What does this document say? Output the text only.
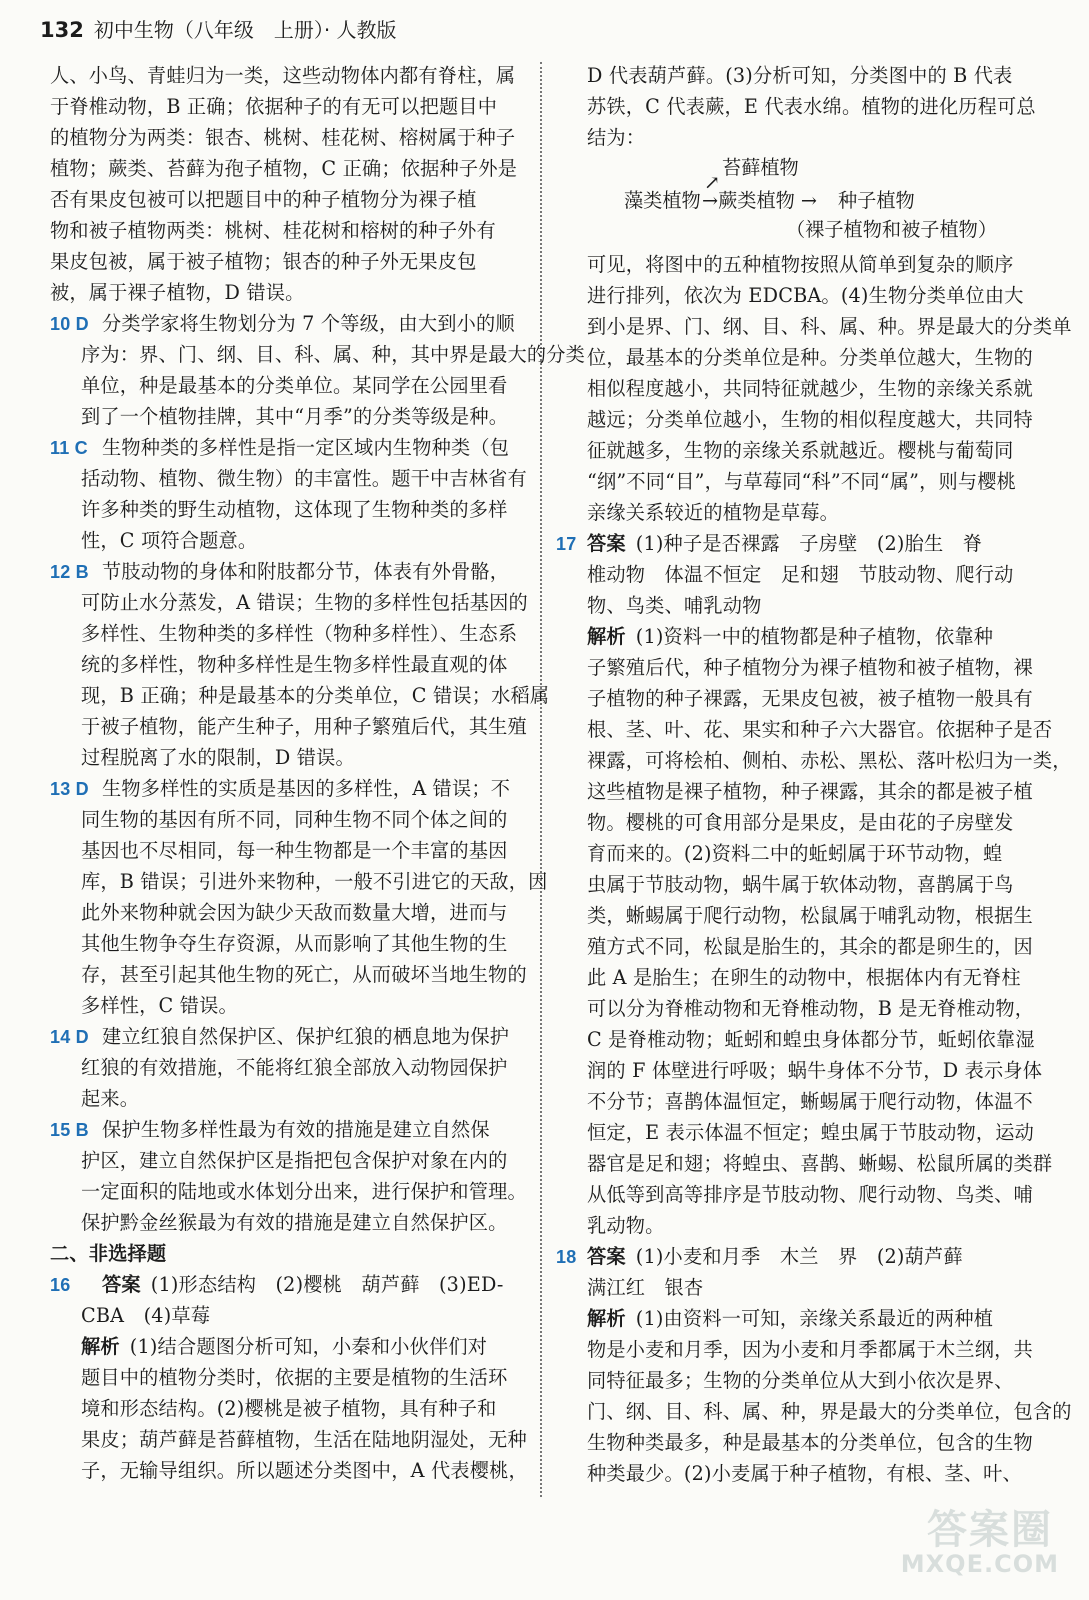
132 初中生物（八年级　上册）· 人教版
人、小鸟、青蛙归为一类，这些动物体内都有脊柱，属
于脊椎动物，B 正确；依据种子的有无可以把题目中
的植物分为两类：银杏、桃树、桂花树、榕树属于种子
植物；蕨类、苔藓为孢子植物，C 正确；依据种子外是
否有果皮包被可以把题目中的种子植物分为裸子植
物和被子植物两类：桃树、桂花树和榕树的种子外有
果皮包被，属于被子植物；银杏的种子外无果皮包
被，属于裸子植物，D 错误。
10 D 分类学家将生物划分为 7 个等级，由大到小的顺
序为：界、门、纲、目、科、属、种，其中界是最大的分类
单位，种是最基本的分类单位。某同学在公园里看
到了一个植物挂牌，其中“月季”的分类等级是种。
11 C 生物种类的多样性是指一定区域内生物种类（包
括动物、植物、微生物）的丰富性。题干中吉林省有
许多种类的野生动植物，这体现了生物种类的多样
性，C 项符合题意。
12 B 节肢动物的身体和附肢都分节，体表有外骨骼，
可防止水分蒸发，A 错误；生物的多样性包括基因的
多样性、生物种类的多样性（物种多样性）、生态系
统的多样性，物种多样性是生物多样性最直观的体
现，B 正确；种是最基本的分类单位，C 错误；水稻属
于被子植物，能产生种子，用种子繁殖后代，其生殖
过程脱离了水的限制，D 错误。
13 D 生物多样性的实质是基因的多样性，A 错误；不
同生物的基因有所不同，同种生物不同个体之间的
基因也不尽相同，每一种生物都是一个丰富的基因
库，B 错误；引进外来物种，一般不引进它的天敌，因
此外来物种就会因为缺少天敌而数量大增，进而与
其他生物争夺生存资源，从而影响了其他生物的生
存，甚至引起其他生物的死亡，从而破坏当地生物的
多样性，C 错误。
14 D 建立红狼自然保护区、保护红狼的栖息地为保护
红狼的有效措施，不能将红狼全部放入动物园保护
起来。
15 B 保护生物多样性最为有效的措施是建立自然保
护区，建立自然保护区是指把包含保护对象在内的
一定面积的陆地或水体划分出来，进行保护和管理。
保护黔金丝猴最为有效的措施是建立自然保护区。
二、非选择题
16 答案 (1)形态结构　(2)樱桃　葫芦藓　(3)ED-
CBA　(4)草莓
解析 (1)结合题图分析可知，小秦和小伙伴们对
题目中的植物分类时，依据的主要是植物的生活环
境和形态结构。(2)樱桃是被子植物，具有种子和
果皮；葫芦藓是苔藓植物，生活在陆地阴湿处，无种
子，无输导组织。所以题述分类图中，A 代表樱桃，
D 代表葫芦藓。(3)分析可知，分类图中的 B 代表
苏铁，C 代表蕨，E 代表水绵。植物的进化历程可总
结为：
苔藓植物
↗
藻类植物 →蕨类植物 → 种子植物
（裸子植物和被子植物）
可见，将图中的五种植物按照从简单到复杂的顺序
进行排列，依次为 EDCBA。(4)生物分类单位由大
到小是界、门、纲、目、科、属、种。界是最大的分类单
位，最基本的分类单位是种。分类单位越大，生物的
相似程度越小，共同特征就越少，生物的亲缘关系就
越远；分类单位越小，生物的相似程度越大，共同特
征就越多，生物的亲缘关系就越近。樱桃与葡萄同
“纲”不同“目”，与草莓同“科”不同“属”，则与樱桃
亲缘关系较近的植物是草莓。
17 答案 (1)种子是否裸露　子房壁　(2)胎生　脊
椎动物　体温不恒定　足和翅　节肢动物、爬行动
物、鸟类、哺乳动物
解析 (1)资料一中的植物都是种子植物，依靠种
子繁殖后代，种子植物分为裸子植物和被子植物，裸
子植物的种子裸露，无果皮包被，被子植物一般具有
根、茎、叶、花、果实和种子六大器官。依据种子是否
裸露，可将桧柏、侧柏、赤松、黑松、落叶松归为一类，
这些植物是裸子植物，种子裸露，其余的都是被子植
物。樱桃的可食用部分是果皮，是由花的子房壁发
育而来的。(2)资料二中的蚯蚓属于环节动物，蝗
虫属于节肢动物，蜗牛属于软体动物，喜鹊属于鸟
类，蜥蜴属于爬行动物，松鼠属于哺乳动物，根据生
殖方式不同，松鼠是胎生的，其余的都是卵生的，因
此 A 是胎生；在卵生的动物中，根据体内有无脊柱
可以分为脊椎动物和无脊椎动物，B 是无脊椎动物，
C 是脊椎动物；蚯蚓和蝗虫身体都分节，蚯蚓依靠湿
润的 F 体壁进行呼吸；蜗牛身体不分节，D 表示身体
不分节；喜鹊体温恒定，蜥蜴属于爬行动物，体温不
恒定，E 表示体温不恒定；蝗虫属于节肢动物，运动
器官是足和翅；将蝗虫、喜鹊、蜥蜴、松鼠所属的类群
从低等到高等排序是节肢动物、爬行动物、鸟类、哺
乳动物。
18 答案 (1)小麦和月季　木兰　界　(2)葫芦藓
满江红　银杏
解析 (1)由资料一可知，亲缘关系最近的两种植
物是小麦和月季，因为小麦和月季都属于木兰纲，共
同特征最多；生物的分类单位从大到小依次是界、
门、纲、目、科、属、种，界是最大的分类单位，包含的
生物种类最多，种是最基本的分类单位，包含的生物
种类最少。(2)小麦属于种子植物，有根、茎、叶、
答案圈
MXQE.COM
